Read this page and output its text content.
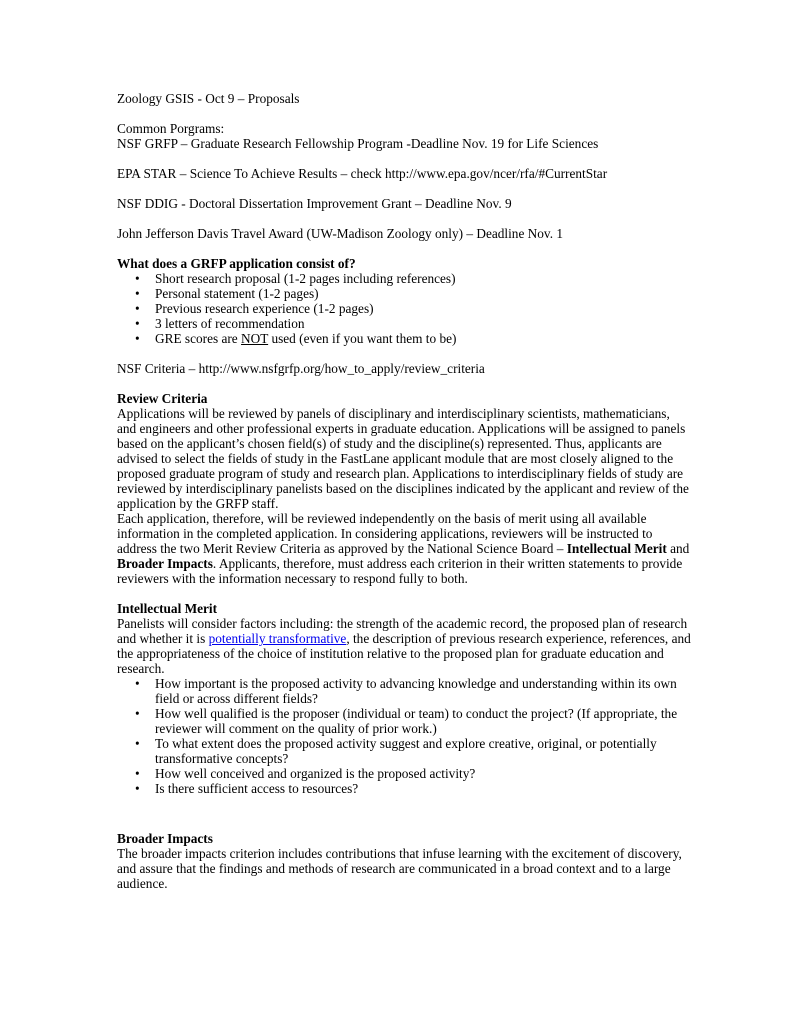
Zoology GSIS - Oct 9 – Proposals

Common Porgrams:

NSF GRFP – Graduate Research Fellowship Program -Deadline Nov. 19 for Life Sciences

EPA STAR – Science To Achieve Results – check http://www.epa.gov/ncer/rfa/#CurrentStar

NSF DDIG - Doctoral Dissertation Improvement Grant – Deadline Nov. 9

John Jefferson Davis Travel Award (UW-Madison Zoology only) – Deadline Nov. 1

What does a GRFP application consist of?

• Short research proposal (1-2 pages including references)
• Personal statement (1-2 pages)
• Previous research experience (1-2 pages)
• 3 letters of recommendation
• GRE scores are NOT used (even if you want them to be)

NSF Criteria – http://www.nsfgrfp.org/how_to_apply/review_criteria

Review Criteria

Applications will be reviewed by panels of disciplinary and interdisciplinary scientists, mathematicians, and engineers and other professional experts in graduate education. Applications will be assigned to panels based on the applicant’s chosen field(s) of study and the discipline(s) represented. Thus, applicants are advised to select the fields of study in the FastLane applicant module that are most closely aligned to the proposed graduate program of study and research plan. Applications to interdisciplinary fields of study are reviewed by interdisciplinary panelists based on the disciplines indicated by the applicant and review of the application by the GRFP staff.

Each application, therefore, will be reviewed independently on the basis of merit using all available information in the completed application. In considering applications, reviewers will be instructed to address the two Merit Review Criteria as approved by the National Science Board – Intellectual Merit and Broader Impacts. Applicants, therefore, must address each criterion in their written statements to provide reviewers with the information necessary to respond fully to both.

Intellectual Merit

Panelists will consider factors including: the strength of the academic record, the proposed plan of research and whether it is potentially transformative, the description of previous research experience, references, and the appropriateness of the choice of institution relative to the proposed plan for graduate education and research.

• How important is the proposed activity to advancing knowledge and understanding within its own field or across different fields?
• How well qualified is the proposer (individual or team) to conduct the project? (If appropriate, the reviewer will comment on the quality of prior work.)
• To what extent does the proposed activity suggest and explore creative, original, or potentially transformative concepts?
• How well conceived and organized is the proposed activity?
• Is there sufficient access to resources?

Broader Impacts

The broader impacts criterion includes contributions that infuse learning with the excitement of discovery, and assure that the findings and methods of research are communicated in a broad context and to a large audience.
